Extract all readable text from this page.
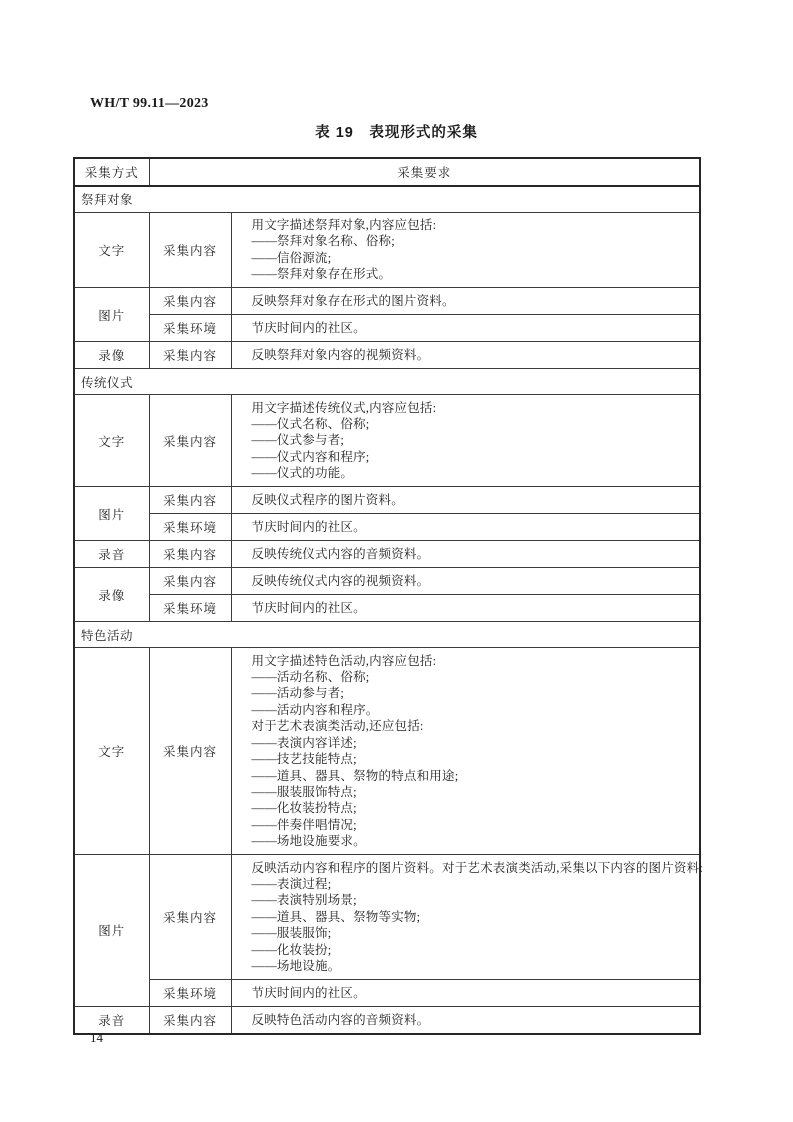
WH/T 99.11—2023
表 19　表现形式的采集
采集方式	采集要求	
祭拜对象		
文字	采集内容	用文字描述祭拜对象,内容应包括:
——祭拜对象名称、俗称;
——信俗源流;
——祭拜对象存在形式。

图片	采集内容	反映祭拜对象存在形式的图片资料。

	采集环境	节庆时间内的社区。

录像	采集内容	反映祭拜对象内容的视频资料。

传统仪式		
文字	采集内容	用文字描述传统仪式,内容应包括:
——仪式名称、俗称;
——仪式参与者;
——仪式内容和程序;
——仪式的功能。

图片	采集内容	反映仪式程序的图片资料。

	采集环境	节庆时间内的社区。

录音	采集内容	反映传统仪式内容的音频资料。

录像	采集内容	反映传统仪式内容的视频资料。

	采集环境	节庆时间内的社区。

特色活动		
文字	采集内容	
用文字描述特色活动,内容应包括:
——活动名称、俗称;
——活动参与者;
——活动内容和程序。
对于艺术表演类活动,还应包括:
——表演内容详述;
——技艺技能特点;
——道具、器具、祭物的特点和用途;
——服装服饰特点;
——化妆装扮特点;
——伴奏伴唱情况;
——场地设施要求。

图片	采集内容	
反映活动内容和程序的图片资料。对于艺术表演类活动,采集以下内容的图片资料:
——表演过程;
——表演特别场景;
——道具、器具、祭物等实物;
——服装服饰;
——化妆装扮;
——场地设施。

	采集环境	节庆时间内的社区。

录音	采集内容	反映特色活动内容的音频资料。
14
